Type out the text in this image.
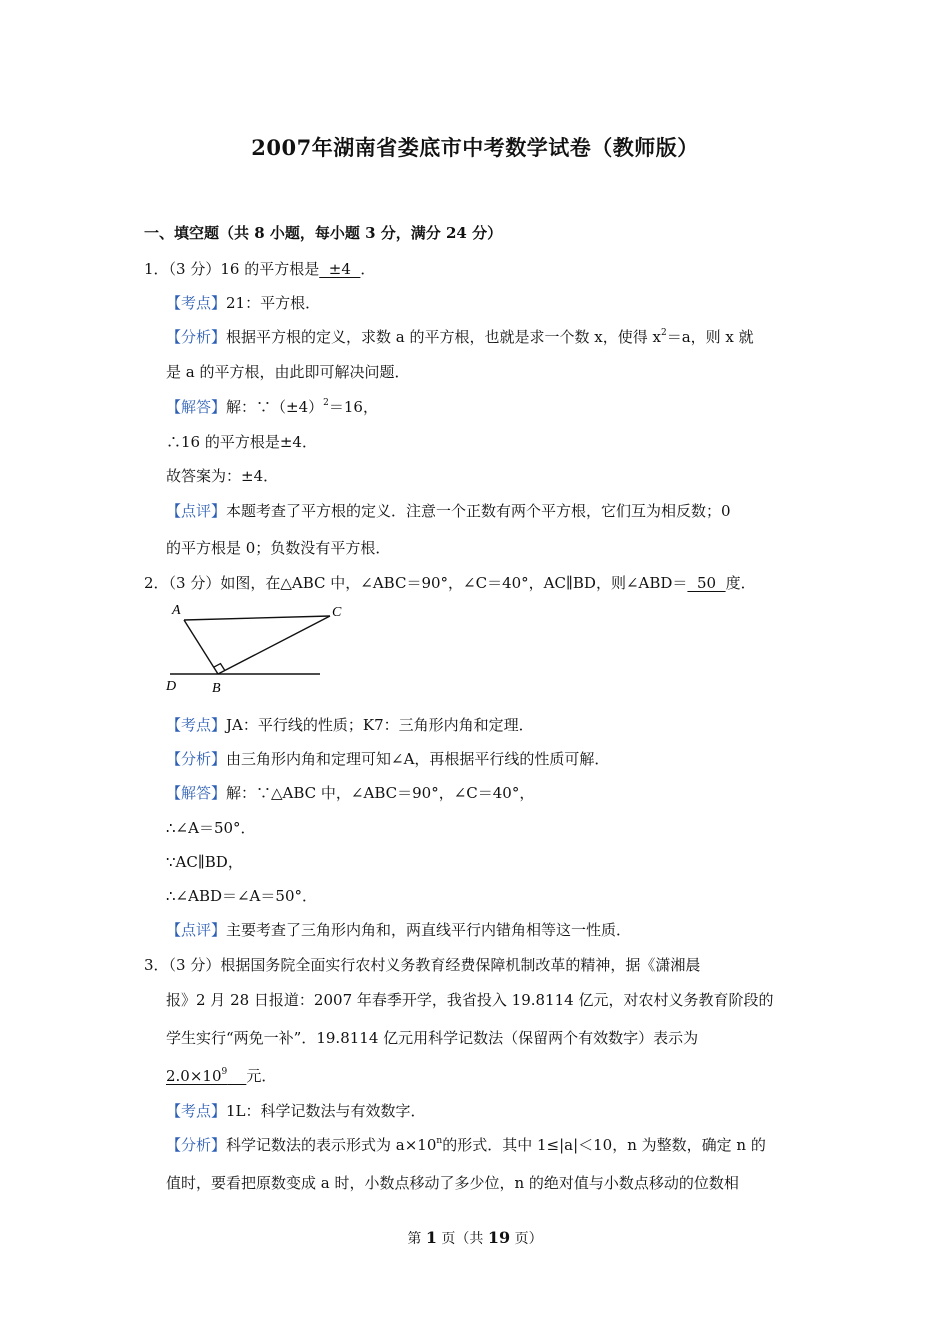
2007年湖南省娄底市中考数学试卷（教师版）
一、填空题（共 8 小题，每小题 3 分，满分 24 分）
1．（3 分）16 的平方根是  ±4  ．
【考点】21：平方根．
【分析】根据平方根的定义，求数 a 的平方根，也就是求一个数 x，使得 $x^2=a$，则 x 就
是 a 的平方根，由此即可解决问题．
【解答】解：$\because(\pm 4)^2=16$，
∴16 的平方根是±4．
故答案为：±4．
【点评】本题考查了平方根的定义．注意一个正数有两个平方根，它们互为相反数；0
的平方根是 0；负数没有平方根．
2．（3 分）如图，在△ABC 中，∠ABC＝90°，∠C＝40°，AC∥BD，则∠ABD＝  50  度．
A	C
D	B
【考点】JA：平行线的性质；K7：三角形内角和定理．
【分析】由三角形内角和定理可知∠A，再根据平行线的性质可解．
【解答】解：∵△ABC 中，∠ABC＝90°，∠C＝40°，
∴∠A＝50°．
∵AC∥BD，
∴∠ABD＝∠A＝50°．
【点评】主要考查了三角形内角和，两直线平行内错角相等这一性质．
3．（3 分）根据国务院全面实行农村义务教育经费保障机制改革的精神，据《潇湘晨
报》2 月 28 日报道：2007 年春季开学，我省投入 19.8114 亿元，对农村义务教育阶段的
学生实行“两免一补”．19.8114 亿元用科学记数法（保留两个有效数字）表示为
$2.0\times 10^9$ 元．
【考点】1L：科学记数法与有效数字．
【分析】科学记数法的表示形式为 $a\times 10^n$的形式．其中 1≤|a|＜10，n 为整数，确定 n 的
值时，要看把原数变成 a 时，小数点移动了多少位，n 的绝对值与小数点移动的位数相
第 1 页（共 19 页）
